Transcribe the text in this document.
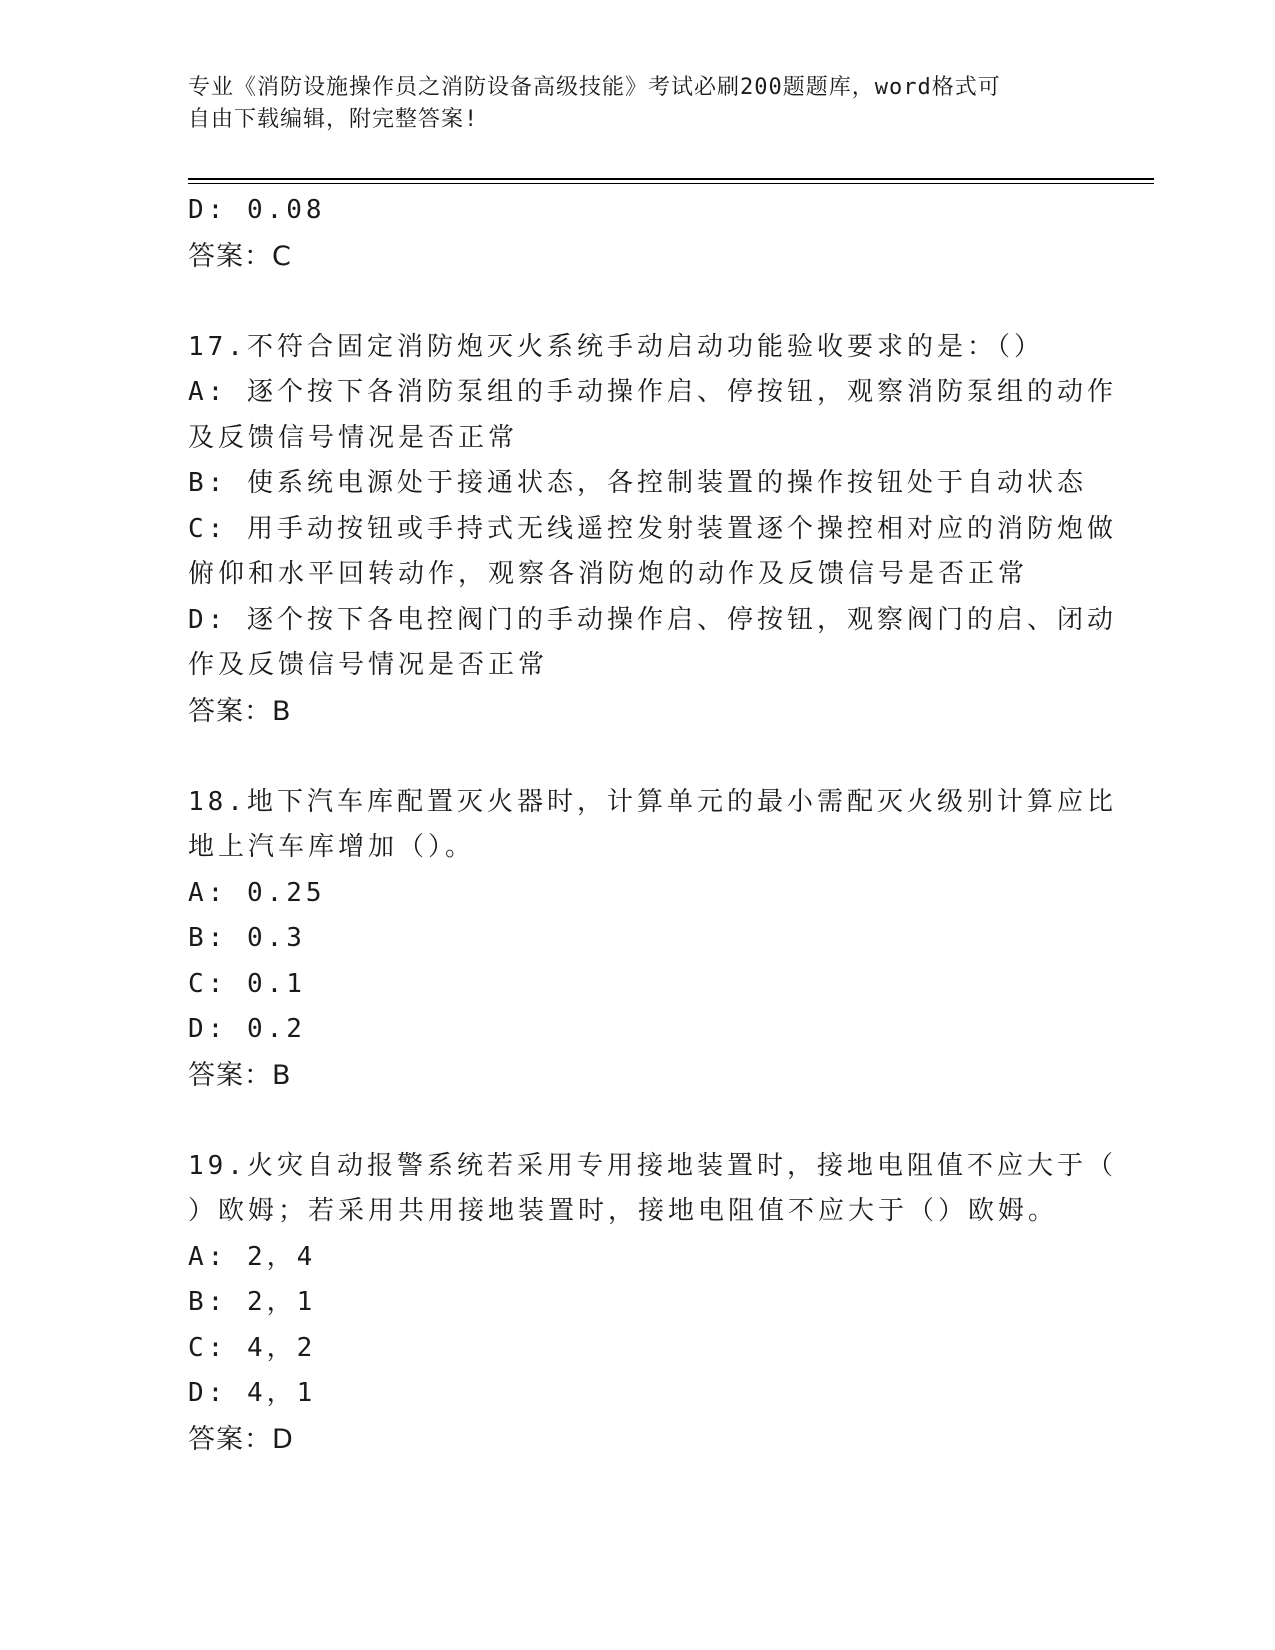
专业《消防设施操作员之消防设备高级技能》考试必刷200题题库，word格式可
自由下载编辑，附完整答案!
D: 0.08
答案：C
17.不符合固定消防炮灭火系统手动启动功能验收要求的是：（）
A: 逐个按下各消防泵组的手动操作启、停按钮，观察消防泵组的动作
及反馈信号情况是否正常
B: 使系统电源处于接通状态，各控制装置的操作按钮处于自动状态
C: 用手动按钮或手持式无线遥控发射装置逐个操控相对应的消防炮做
俯仰和水平回转动作，观察各消防炮的动作及反馈信号是否正常
D: 逐个按下各电控阀门的手动操作启、停按钮，观察阀门的启、闭动
作及反馈信号情况是否正常
答案：B
18.地下汽车库配置灭火器时，计算单元的最小需配灭火级别计算应比
地上汽车库增加（）。
A: 0.25
B: 0.3
C: 0.1
D: 0.2
答案：B
19.火灾自动报警系统若采用专用接地装置时，接地电阻值不应大于（
）欧姆；若采用共用接地装置时，接地电阻值不应大于（）欧姆。
A: 2，4
B: 2，1
C: 4，2
D: 4，1
答案：D
